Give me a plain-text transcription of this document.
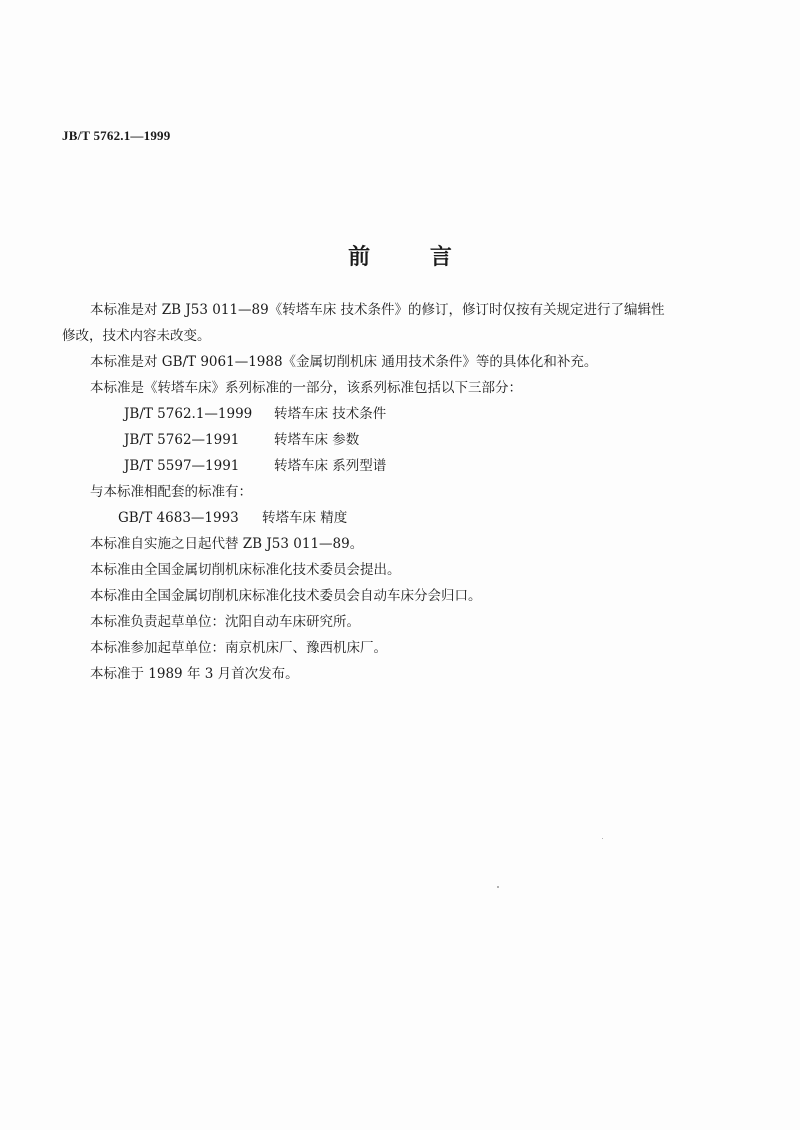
JB/T 5762.1—1999
前 言

本标准是对 ZB J53 011—89《转塔车床 技术条件》的修订，修订时仅按有关规定进行了编辑性

修改，技术内容未改变。

本标准是对 GB/T 9061—1988《金属切削机床 通用技术条件》等的具体化和补充。

本标准是《转塔车床》系列标准的一部分，该系列标准包括以下三部分：

JB/T 5762.1—1999	转塔车床 技术条件
JB/T 5762—1991	转塔车床 参数
JB/T 5597—1991	转塔车床 系列型谱

与本标准相配套的标准有：

GB/T 4683—1993	转塔车床 精度

本标准自实施之日起代替 ZB J53 011—89。

本标准由全国金属切削机床标准化技术委员会提出。

本标准由全国金属切削机床标准化技术委员会自动车床分会归口。

本标准负责起草单位：沈阳自动车床研究所。

本标准参加起草单位：南京机床厂、豫西机床厂。

本标准于 1989 年 3 月首次发布。
